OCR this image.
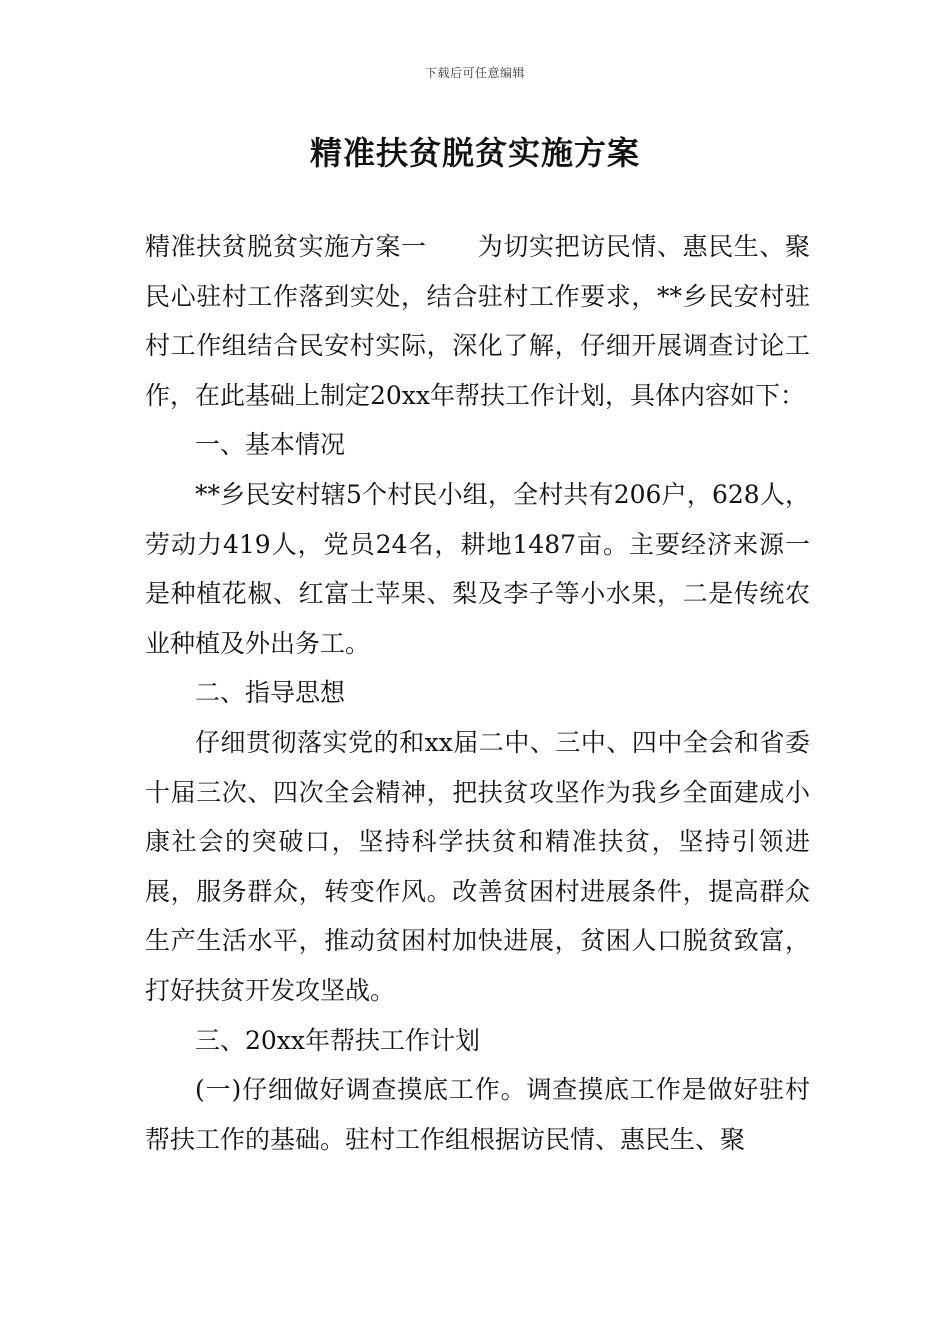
下载后可任意编辑
精准扶贫脱贫实施方案

精准扶贫脱贫实施方案一　　为切实把访民情、惠民生、聚民心驻村工作落到实处，结合驻村工作要求，**乡民安村驻村工作组结合民安村实际，深化了解，仔细开展调查讨论工作，在此基础上制定20xx年帮扶工作计划，具体内容如下：

一、基本情况

**乡民安村辖5个村民小组，全村共有206户，628人，劳动力419人，党员24名，耕地1487亩。主要经济来源一是种植花椒、红富士苹果、梨及李子等小水果，二是传统农业种植及外出务工。

二、指导思想

仔细贯彻落实党的和xx届二中、三中、四中全会和省委十届三次、四次全会精神，把扶贫攻坚作为我乡全面建成小康社会的突破口，坚持科学扶贫和精准扶贫，坚持引领进展，服务群众，转变作风。改善贫困村进展条件，提高群众生产生活水平，推动贫困村加快进展，贫困人口脱贫致富，打好扶贫开发攻坚战。

三、20xx年帮扶工作计划

(一)仔细做好调查摸底工作。调查摸底工作是做好驻村帮扶工作的基础。驻村工作组根据访民情、惠民生、聚
